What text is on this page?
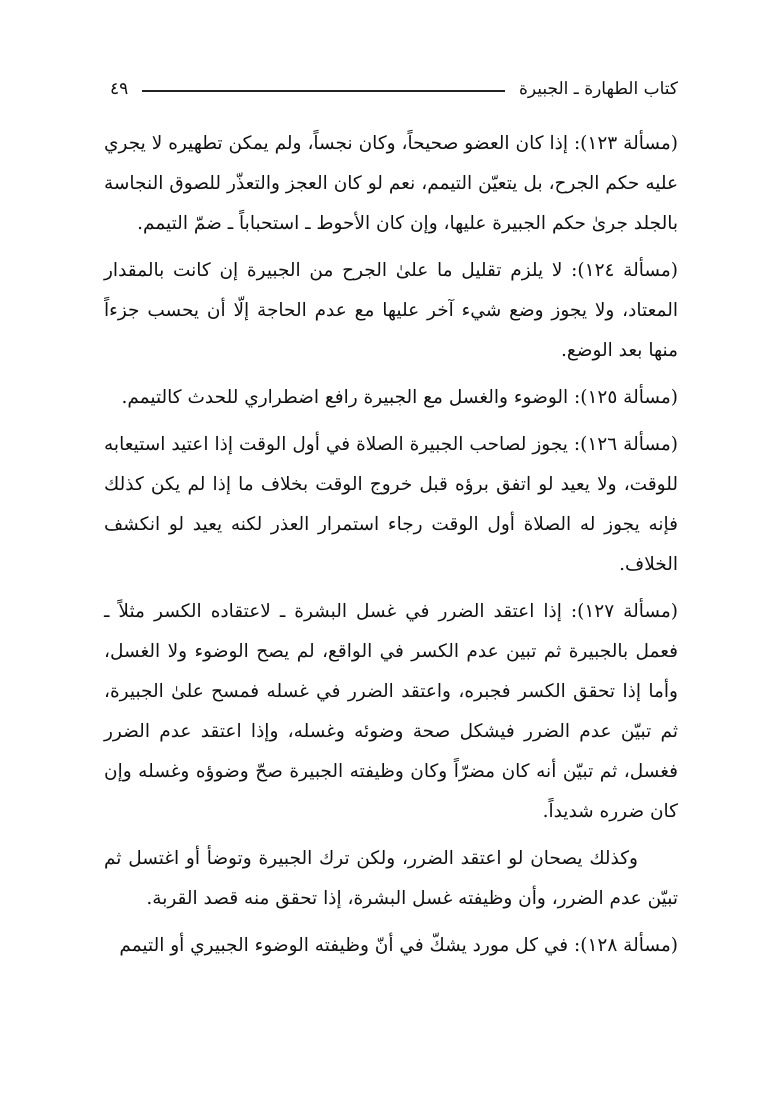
كتاب الطهارة ـ الجبيرة
٤٩

(مسألة ١٢٣): إذا كان العضو صحيحاً، وكان نجساً، ولم يمكن تطهيره لا يجري عليه حكم الجرح، بل يتعيّن التيمم، نعم لو كان العجز والتعذّر للصوق النجاسة بالجلد جرىٰ حكم الجبيرة عليها، وإن كان الأحوط ـ استحباباً ـ ضمّ التيمم.

(مسألة ١٢٤): لا يلزم تقليل ما علىٰ الجرح من الجبيرة إن كانت بالمقدار المعتاد، ولا يجوز وضع شيء آخر عليها مع عدم الحاجة إلّا أن يحسب جزءاً منها بعد الوضع.

(مسألة ١٢٥): الوضوء والغسل مع الجبيرة رافع اضطراري للحدث كالتيمم.

(مسألة ١٢٦): يجوز لصاحب الجبيرة الصلاة في أول الوقت إذا اعتيد استيعابه للوقت، ولا يعيد لو اتفق برؤه قبل خروج الوقت بخلاف ما إذا لم يكن كذلك فإنه يجوز له الصلاة أول الوقت رجاء استمرار العذر لكنه يعيد لو انكشف الخلاف.

(مسألة ١٢٧): إذا اعتقد الضرر في غسل البشرة ـ لاعتقاده الكسر مثلاً ـ فعمل بالجبيرة ثم تبين عدم الكسر في الواقع، لم يصح الوضوء ولا الغسل، وأما إذا تحقق الكسر فجبره، واعتقد الضرر في غسله فمسح علىٰ الجبيرة، ثم تبيّن عدم الضرر فيشكل صحة وضوئه وغسله، وإذا اعتقد عدم الضرر فغسل، ثم تبيّن أنه كان مضرّاً وكان وظيفته الجبيرة صحّ وضوؤه وغسله وإن كان ضرره شديداً.

وكذلك يصحان لو اعتقد الضرر، ولكن ترك الجبيرة وتوضأ أو اغتسل ثم تبيّن عدم الضرر، وأن وظيفته غسل البشرة، إذا تحقق منه قصد القربة.

(مسألة ١٢٨): في كل مورد يشكّ في أنّ وظيفته الوضوء الجبيري أو التيمم
